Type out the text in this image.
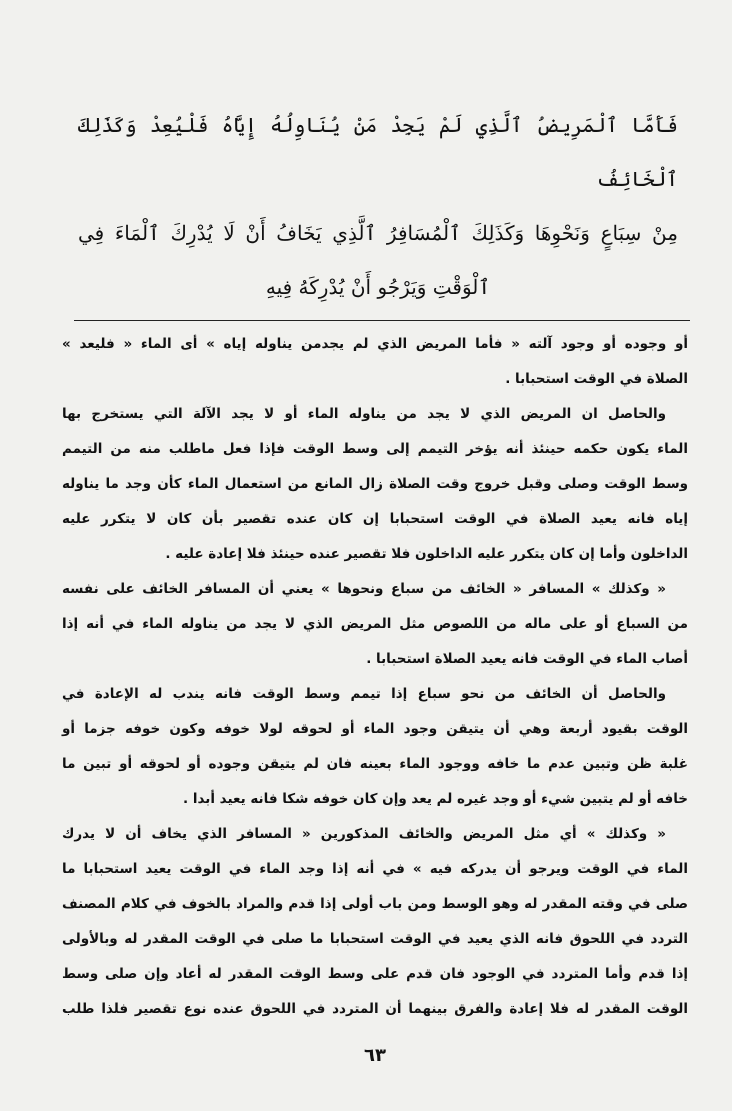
فَأَمَّا ٱلْمَرِيضُ ٱلَّذِي لَمْ يَجِدْ مَنْ يُنَاوِلُهُ إِيَّاهُ فَلْيُعِدْ وَكَذَلِكَ ٱلْخَائِفُ
مِنْ سِبَاعٍ وَنَحْوِهَا وَكَذَلِكَ ٱلْمُسَافِرُ ٱلَّذِي يَخَافُ أَنْ لَا يُدْرِكَ ٱلْمَاءَ فِي
ٱلْوَقْتِ وَيَرْجُو أَنْ يُدْرِكَهُ فِيهِ
أو وجوده أو وجود آلته « فأما المريض الذي لم يجدمن يناوله إياه » أى الماء « فليعد »
الصلاة في الوقت استحبابا .
والحاصل ان المريض الذي لا يجد من يناوله الماء أو لا يجد الآلة التي يستخرج بها
الماء يكون حكمه حينئذ أنه يؤخر التيمم إلى وسط الوقت فإذا فعل ماطلب منه من التيمم
وسط الوقت وصلى وقبل خروج وقت الصلاة زال المانع من استعمال الماء كأن وجد ما يناوله
إياه فانه يعيد الصلاة في الوقت استحبابا إن كان عنده تقصير بأن كان لا يتكرر عليه
الداخلون وأما إن كان يتكرر عليه الداخلون فلا تقصير عنده حينئذ فلا إعادة عليه .
« وكذلك » المسافر « الخائف من سباع ونحوها » يعني أن المسافر الخائف على نفسه
من السباع أو على ماله من اللصوص مثل المريض الذي لا يجد من يناوله الماء في أنه إذا
أصاب الماء في الوقت فانه يعيد الصلاة استحبابا .
والحاصل أن الخائف من نحو سباع إذا تيمم وسط الوقت فانه يندب له الإعادة في
الوقت بقيود أربعة وهي أن يتيقن وجود الماء أو لحوقه لولا خوفه وكون خوفه جزما أو
غلبة ظن وتبين عدم ما خافه ووجود الماء بعينه فان لم يتيقن وجوده أو لحوقه أو تبين ما
خافه أو لم يتبين شيء أو وجد غيره لم يعد وإن كان خوفه شكا فانه يعيد أبدا .
« وكذلك » أي مثل المريض والخائف المذكورين « المسافر الذي يخاف أن لا يدرك
الماء في الوقت ويرجو أن يدركه فيه » في أنه إذا وجد الماء في الوقت يعيد استحبابا ما
صلى في وقته المقدر له وهو الوسط ومن باب أولى إذا قدم والمراد بالخوف في كلام المصنف
التردد في اللحوق فانه الذي يعيد في الوقت استحبابا ما صلى في الوقت المقدر له وبالأولى
إذا قدم وأما المتردد في الوجود فان قدم على وسط الوقت المقدر له أعاد وإن صلى وسط
الوقت المقدر له فلا إعادة والفرق بينهما أن المتردد في اللحوق عنده نوع تقصير فلذا طلب
٦٣
